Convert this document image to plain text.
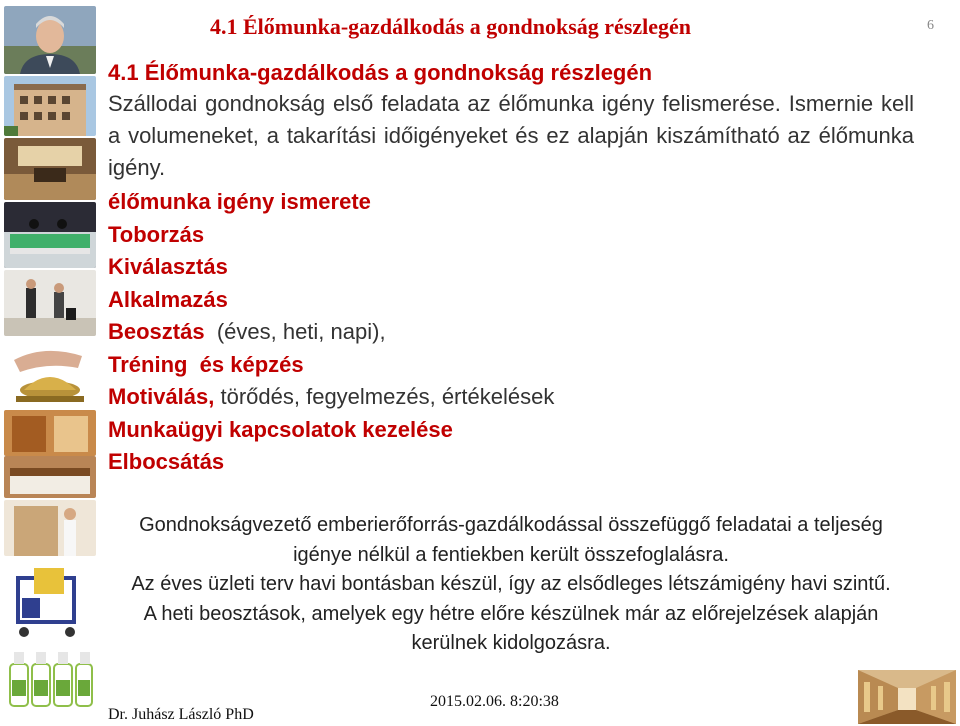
4.1 Élőmunka-gazdálkodás a gondnokság részlegén	6
4.1 Élőmunka-gazdálkodás a gondnokság részlegén
Szállodai gondnokság első feladata az élőmunka igény felismerése. Ismernie kell a volumeneket, a takarítási időigényeket és ez alapján kiszámítható az élőmunka igény.
élőmunka igény ismerete
Toborzás
Kiválasztás
Alkalmazás
Beosztás  (éves, heti, napi),
Tréning  és képzés
Motiválás, törődés, fegyelmezés, értékelések
Munkaügyi kapcsolatok kezelése
Elbocsátás

Gondnokságvezető emberierőforrás-gazdálkodással összefüggő feladatai a teljeség igénye nélkül a fentiekben került összefoglalásra.

Az éves üzleti terv havi bontásban készül, így az elsődleges létszámigény havi szintű.

A heti beosztások, amelyek egy hétre előre készülnek már az előrejelzések alapján kerülnek kidolgozásra.

Dr. Juhász László PhD
2015.02.06. 8:20:38
